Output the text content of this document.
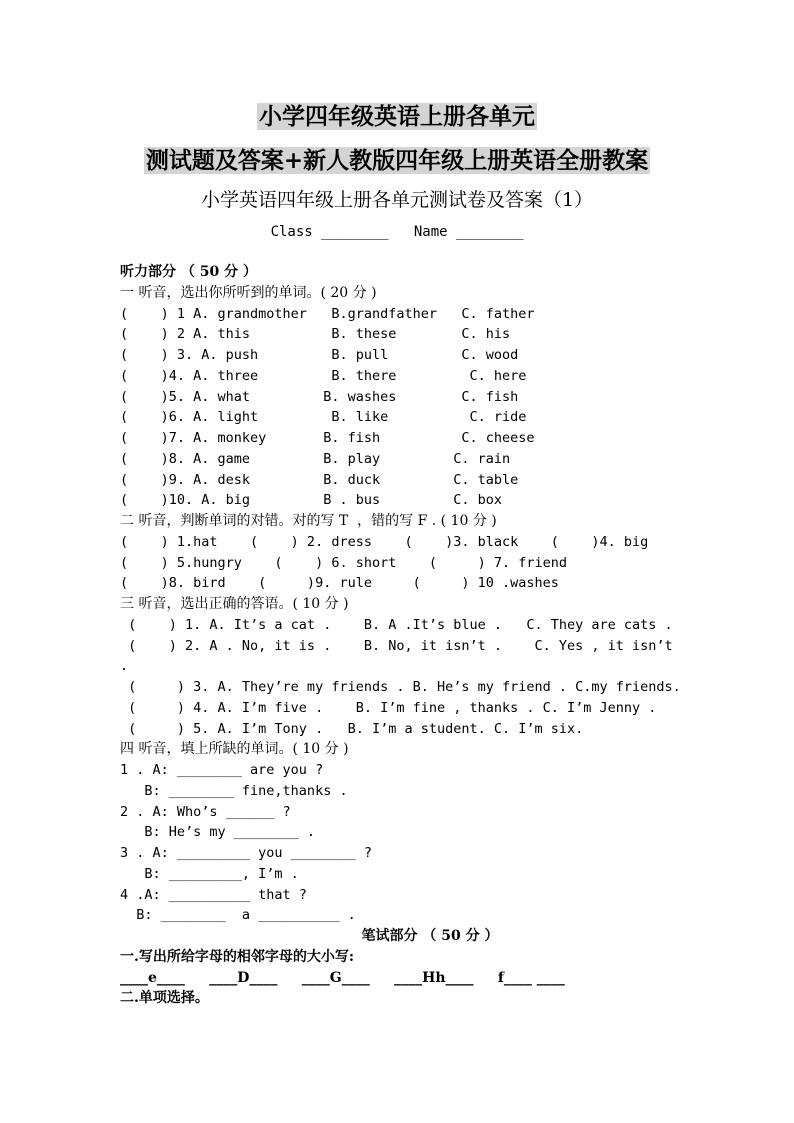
小学四年级英语上册各单元
测试题及答案+新人教版四年级上册英语全册教案
小学英语四年级上册各单元测试卷及答案（1）
Class ________   Name ________
听力部分 （ 50 分 ）
一 听音，选出你所听到的单词。( 20 分 )
(    ) 1 A. grandmother   B.grandfather   C. father
(    ) 2 A. this          B. these        C. his
(    ) 3. A. push         B. pull         C. wood
(    )4. A. three         B. there         C. here
(    )5. A. what         B. washes        C. fish
(    )6. A. light         B. like          C. ride
(    )7. A. monkey       B. fish          C. cheese
(    )8. A. game         B. play         C. rain
(    )9. A. desk         B. duck         C. table
(    )10. A. big         B . bus         C. box
二 听音，判断单词的对错。对的写 T  ，错的写 F . ( 10 分 )
(    ) 1.hat    (    ) 2. dress    (    )3. black    (    )4. big
(    ) 5.hungry    (    ) 6. short    (     ) 7. friend
(    )8. bird    (     )9. rule     (     ) 10 .washes
三 听音，选出正确的答语。( 10 分 )
(    ) 1. A. It’s a cat .    B. A .It’s blue .   C. They are cats .
(    ) 2. A . No, it is .    B. No, it isn’t .    C. Yes , it isn’t
.
(     ) 3. A. They’re my friends . B. He’s my friend . C.my friends.
(     ) 4. A. I’m five .    B. I’m fine , thanks . C. I’m Jenny .
(     ) 5. A. I’m Tony .   B. I’m a student. C. I’m six.
四 听音，填上所缺的单词。( 10 分 )
1 . A: ________ are you ?
B: ________ fine,thanks .
2 . A: Who’s ______ ?
B: He’s my ________ .
3 . A: _________ you ________ ?
B: _________, I’m .
4 .A: __________ that ?
B: ________  a __________ .
笔试部分 （ 50 分 ）
一.写出所给字母的相邻字母的大小写:
____e____     ____D____     ____G____     ____Hh____     f____ ____
二.单项选择。
